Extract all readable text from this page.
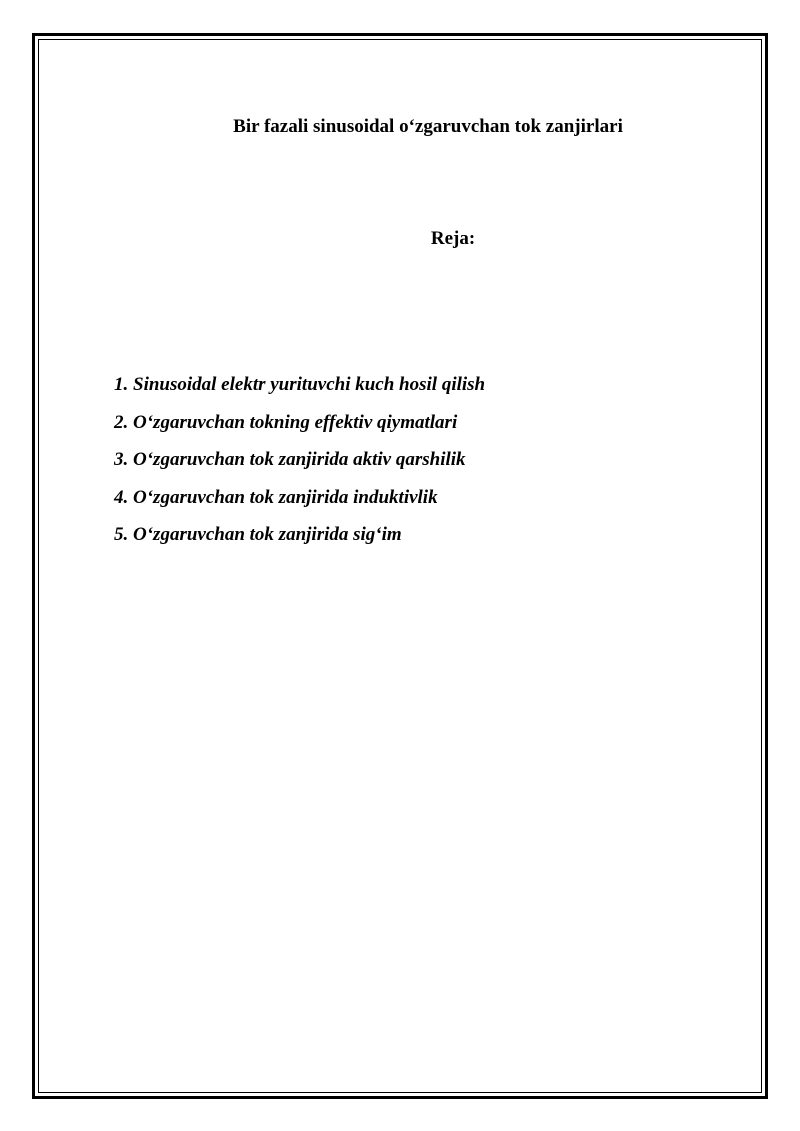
Bir fazali sinusoidal o‘zgaruvchan tok zanjirlari
Reja:
1. Sinusoidal elektr yurituvchi kuch hosil qilish
2. O‘zgaruvchan tokning effektiv qiymatlari
3. O‘zgaruvchan tok zanjirida aktiv qarshilik
4. O‘zgaruvchan tok zanjirida induktivlik
5. O‘zgaruvchan tok zanjirida sig‘im
